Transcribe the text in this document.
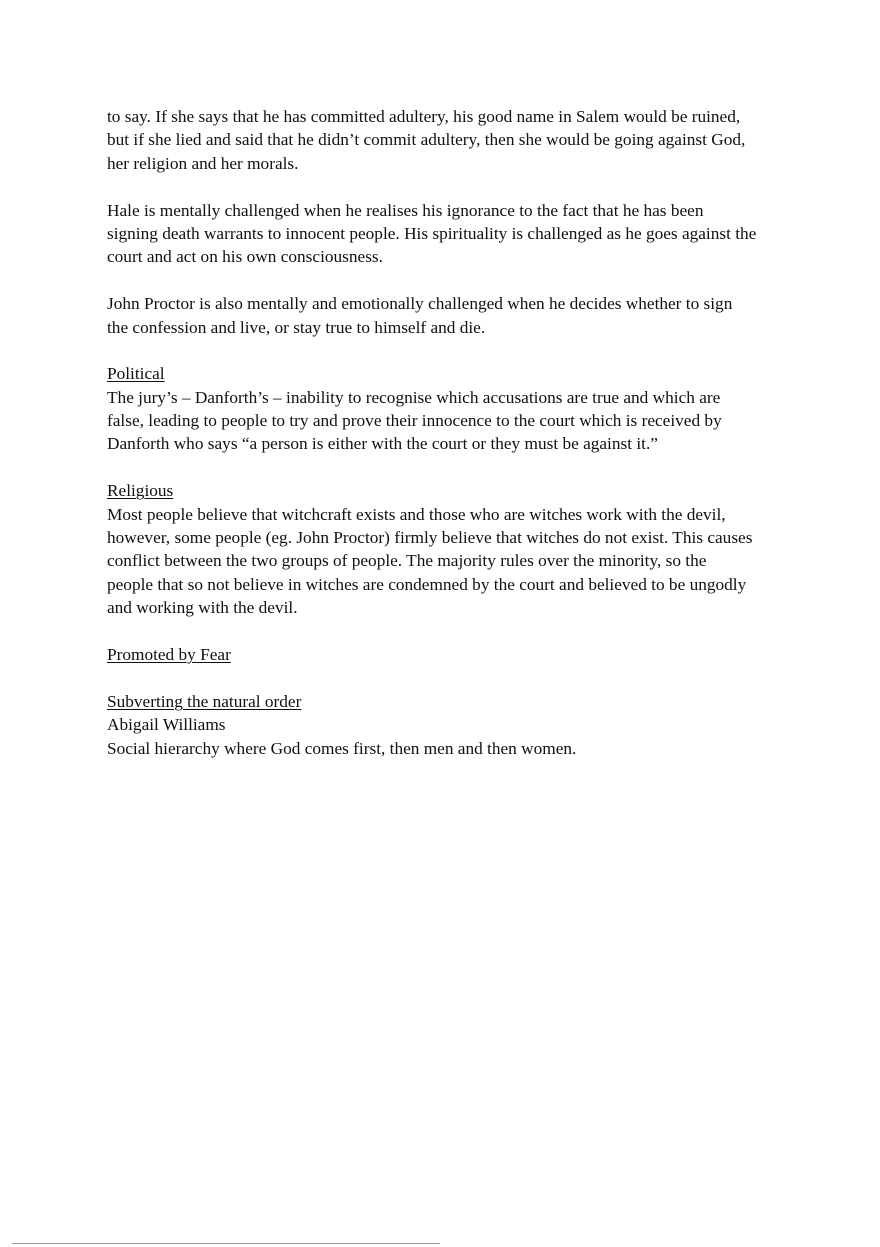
to say. If she says that he has committed adultery, his good name in Salem would be ruined,
but if she lied and said that he didn’t commit adultery, then she would be going against God,
her religion and her morals.
Hale is mentally challenged when he realises his ignorance to the fact that he has been
signing death warrants to innocent people. His spirituality is challenged as he goes against the
court and act on his own consciousness.
John Proctor is also mentally and emotionally challenged when he decides whether to sign
the confession and live, or stay true to himself and die.
Political
The jury’s – Danforth’s – inability to recognise which accusations are true and which are
false, leading to people to try and prove their innocence to the court which is received by
Danforth who says “a person is either with the court or they must be against it.”
Religious
Most people believe that witchcraft exists and those who are witches work with the devil,
however, some people (eg. John Proctor) firmly believe that witches do not exist. This causes
conflict between the two groups of people. The majority rules over the minority, so the
people that so not believe in witches are condemned by the court and believed to be ungodly
and working with the devil.
Promoted by Fear
Subverting the natural order
Abigail Williams
Social hierarchy where God comes first, then men and then women.
